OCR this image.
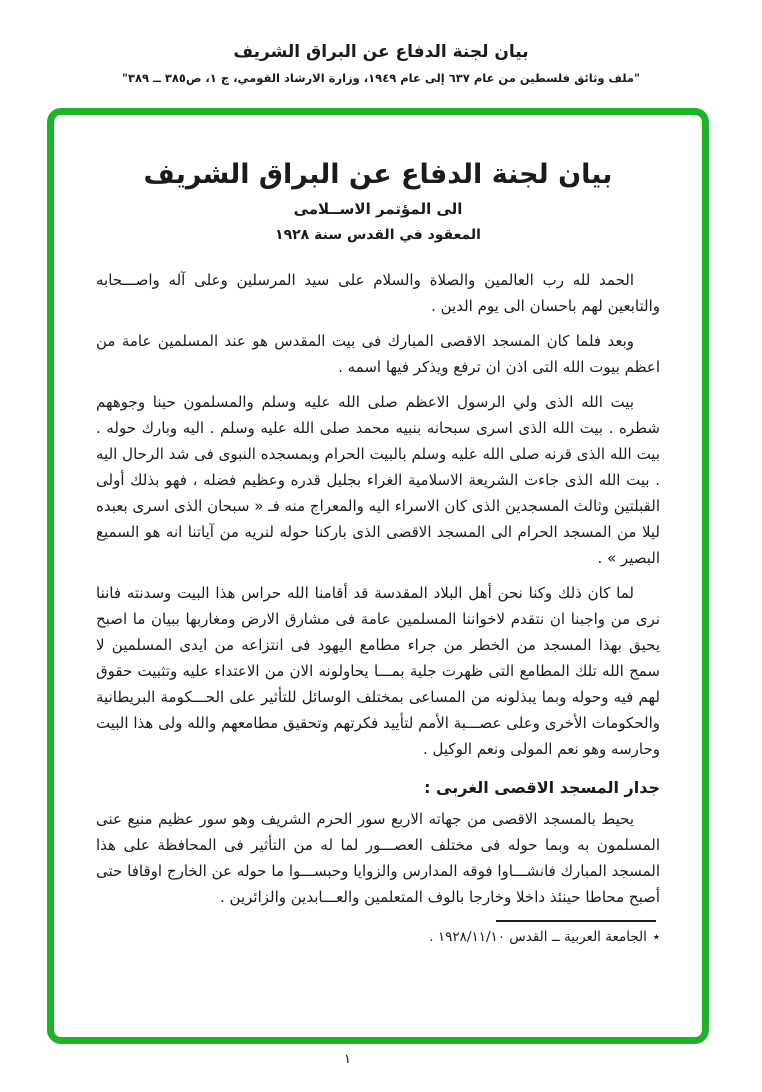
بيان لجنة الدفاع عن البراق الشريف
"ملف وثائق فلسطين من عام ٦٣٧ إلى عام ١٩٤٩، وزارة الارشاد القومي، ج ١، ص٣٨٥ ــ ٣٨٩"
بيان لجنة الدفاع عن البراق الشريف
الى المؤتمر الاســلامى
المعقود في القدس سنة ١٩٢٨

الحمد لله رب العالمين والصلاة والسلام على سيد المرسلين وعلى آله واصـــحابه والتابعين لهم باحسان الى يوم الدين .

وبعد فلما كان المسجد الاقصى المبارك فى بيت المقدس هو عند المسلمين عامة من اعظم بيوت الله التى اذن ان ترفع ويذكر فيها اسمه .

بيت الله الذى ولي الرسول الاعظم صلى الله عليه وسلم والمسلمون حينا وجوههم شطره . بيت الله الذى اسرى سبحانه بنبيه محمد صلى الله عليه وسلم . اليه وبارك حوله . بيت الله الذى قرنه صلى الله عليه وسلم بالبيت الحرام وبمسجده النبوى فى شد الرحال اليه . بيت الله الذى جاءت الشريعة الاسلامية الغراء بجليل قدره وعظيم فضله ، فهو بذلك أولى القبلتين وثالث المسجدين الذى كان الاسراء اليه والمعراج منه فـ « سبحان الذى اسرى بعبده ليلا من المسجد الحرام الى المسجد الاقصى الذى باركنا حوله لنريه من آياتنا انه هو السميع البصير » .

لما كان ذلك وكنا نحن أهل البلاد المقدسة قد أقامنا الله حراس هذا البيت وسدنته فاننا نرى من واجبنا ان نتقدم لاخواننا المسلمين عامة فى مشارق الارض ومغاربها ببيان ما اصبح يحيق بهذا المسجد من الخطر من جراء مطامع اليهود فى انتزاعه من ايدى المسلمين لا سمح الله تلك المطامع التى ظهرت جلية بمـــا يحاولونه الان من الاعتداء عليه وتثبيت حقوق لهم فيه وحوله وبما يبذلونه من المساعى بمختلف الوسائل للتأثير على الحـــكومة البريطانية والحكومات الأخرى وعلى عصـــبة الأمم لتأييد فكرتهم وتحقيق مطامعهم والله ولى هذا البيت وحارسه وهو نعم المولى ونعم الوكيل .

جدار المسجد الاقصى الغربى :

يحيط بالمسجد الاقصى من جهاته الاربع سور الحرم الشريف وهو سور عظيم منيع عنى المسلمون به وبما حوله فى مختلف العصـــور لما له من التأثير فى المحافظة على هذا المسجد المبارك فانشـــاوا فوقه المدارس والزوايا وحبســـوا ما حوله عن الخارج اوقافا حتى أصبح محاطا حينئذ داخلا وخارجا بالوف المتعلمين والعـــابدين والزائرين .

٭الجامعة العربية ــ القدس ١٩٢٨/١١/١٠ .
١
